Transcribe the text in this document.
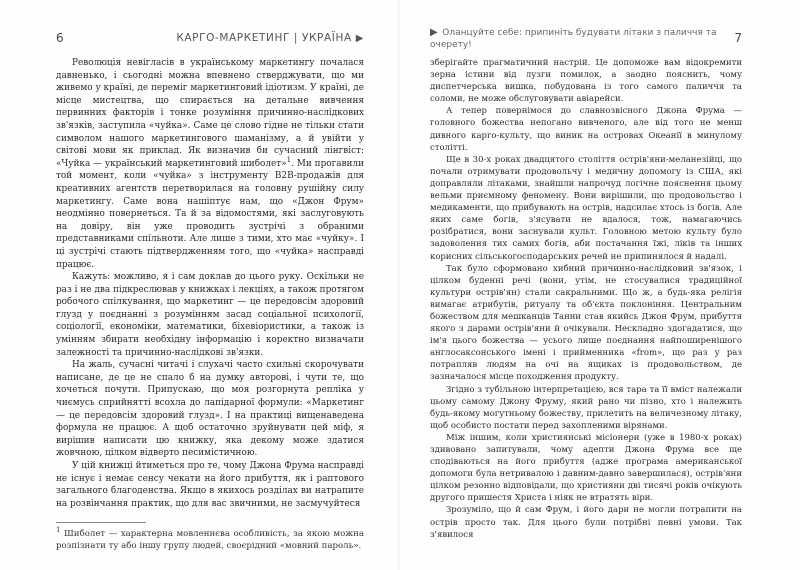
6	КАРГО-МАРКЕТИНГ | УКРАЇНА ▶

Революція невігласів в українському маркетингу почалася давненько, і сьогодні можна впевнено стверджувати, що ми живемо у країні, де переміг маркетинговий ідіотизм. У країні, де місце мистецтва, що спирається на детальне вивчення первинних факторів і тонке розуміння причинно-наслідкових зв'язків, заступила «чуйка». Саме це слово гідне не тільки стати символом нашого маркетингового шаманізму, а й увійти у світові мови як приклад. Як визначив би сучасний лінгвіст: «Чуйка — український маркетинговий шиболет»$^1$. Ми прогавили той момент, коли «чуйка» з інструменту B2B-продажів для креативних агентств перетворилася на головну рушійну силу маркетингу. Саме вона нашіптує нам, що «Джон Фрум» неодмінно повернеться. Та й за відомостями, які заслуговують на довіру, він уже проводить зустрічі з обраними представниками спільноти. Але лише з тими, хто має «чуйку». І ці зустрічі стають підтвердженням того, що «чуйка» насправді працює.

Кажуть: можливо, я і сам доклав до цього руку. Оскільки не раз і не два підкреслював у книжках і лекціях, а також протягом робочого спілкування, що маркетинг — це передовсім здоровий глузд у поєднанні з розумінням засад соціальної психології, соціології, економіки, математики, біхевіористики, а також із умінням збирати необхідну інформацію і коректно визначати залежності та причинно-наслідкові зв'язки.

На жаль, сучасні читачі і слухачі часто схильні скорочувати написане, де це не спало б на думку авторові, і чути те, що хочеться почути. Припускаю, що моя розгорнута репліка у чиємусь сприйнятті всохла до лапідарної формули: «Маркетинг — це передовсім здоровий глузд». І на практиці вищенаведена формула не працює. А щоб остаточно зруйнувати цей міф, я вирішив написати цю книжку, яка декому може здатися жовчною, цілком відверто песимістичною.

У цій книжці йтиметься про те, чому Джона Фрума насправді не існує і немає сенсу чекати на його прибуття, як і раптового загального благоденства. Якщо в якихось розділах ви натрапите на розвінчання практик, що для вас звичними, не засмучуйтеся

$^1$ Шиболет — характерна мовленнєва особливість, за якою можна розпізнати ту або іншу групу людей, своєрідний «мовний пароль».
▶ Оланцуйте себе: припиніть будувати літаки з паличчя та очерету!	7

зберігайте прагматичний настрій. Це допоможе вам відокремити зерна істини від лузги помилок, а заодно пояснить, чому диспетчерська вишка, побудована із того самого паличчя та соломи, не може обслуговувати авіарейси.

А тепер повернімося до славнозвісного Джона Фрума — головного божества непогано вивченого, але від того не менш дивного карго-культу, що виник на островах Океанії в минулому столітті.

Ще в 30-х роках двадцятого століття острів'яни-меланезійці, що почали отримувати продовольчу і медичну допомогу із США, які доправляли літаками, знайшли напрочуд логічне пояснення цьому вельми приємному феномену. Вони вирішили, що продовольство і медикаменти, що прибувають на острів, надсилає хтось із богів. Але яких саме богів, з'ясувати не вдалося, тож, намагаючись розібратися, вони заснували культ. Головною метою культу було задоволення тих самих богів, аби постачання їжі, ліків та інших корисних сільськогосподарських речей не припинялося й надалі.

Так було сформовано хибний причинно-наслідковий зв'язок, і цілком буденні речі (вони, утім, не стосувалися традиційної культури острів'ян) стали сакральними. Що ж, а будь-яка релігія вимагає атрибутів, ритуалу та об'єкта поклоніння. Центральним божеством для мешканців Танни став якийсь Джон Фрум, прибуття якого з дарами острів'яни й очікували. Несклaдно здогадатися, що ім'я цього божества — усього лише поєднання найпоширенішого англосаксонського імені і прийменника «from», що раз у раз потрапляв людям на очі на ящиках із продовольством, де зазначалося місце походження продукту.

Згідно з тубільною інтерпретацією, вся тара та її вміст належали цьому самому Джону Фруму, який рано чи пізно, хто і належить будь-якому могутньому божеству, прилетить на величезному літаку, щоб особисто постати перед захопленими вірянами.

Між іншим, коли християнські місіонери (уже в 1980-х роках) здивовано запитували, чому адепти Джона Фрума все ще сподіваються на його прибуття (адже програма американської допомоги була нетривалою і давним-давно завершилася), острів'яни цілком резонно відповідали, що християни дві тисячі років очікують другого пришестя Христа і ніяк не втратять віри.

Зрозуміло, що й сам Фрум, і його дари не могли потрапити на острів просто так. Для цього були потрібні певні умови. Так з'явилося
